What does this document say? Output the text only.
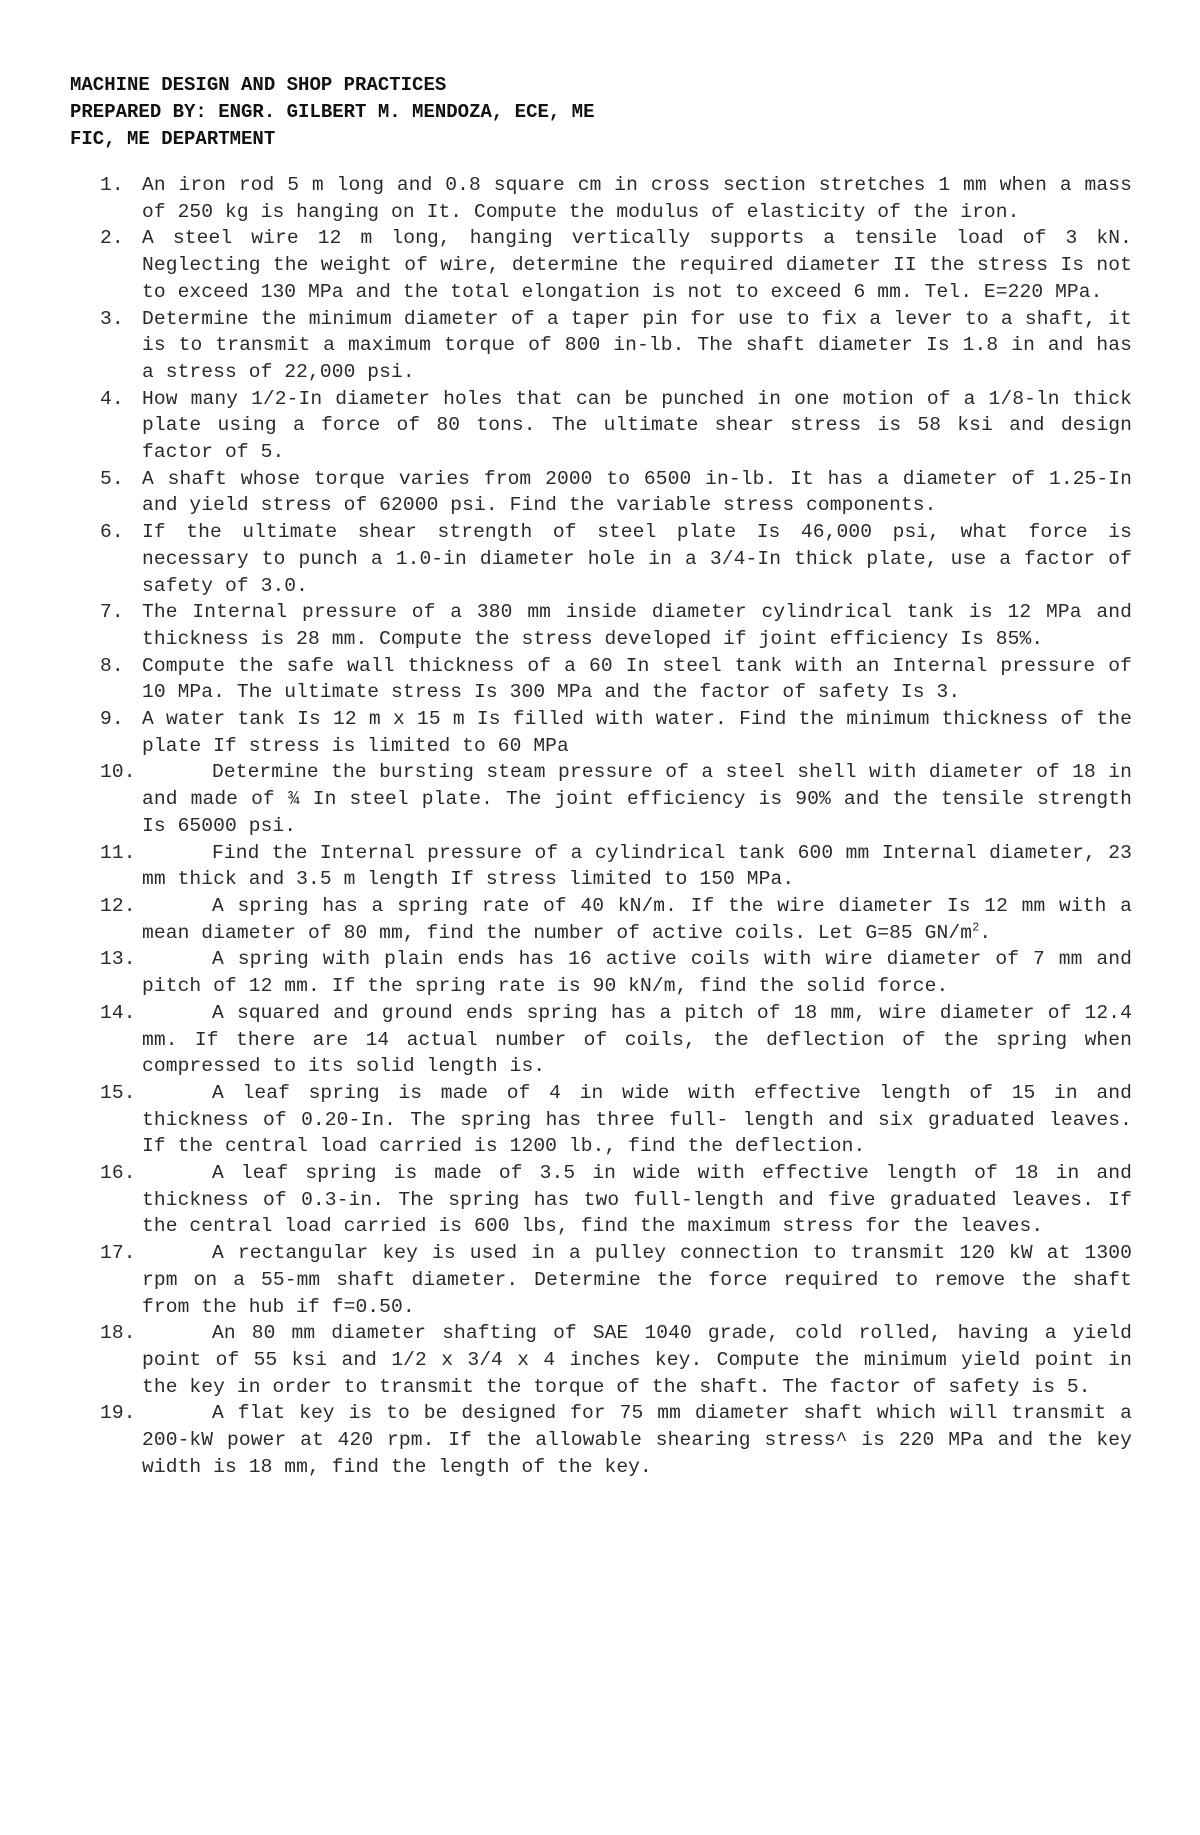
MACHINE DESIGN AND SHOP PRACTICES
PREPARED BY: ENGR. GILBERT M. MENDOZA, ECE, ME
FIC, ME DEPARTMENT
1. An iron rod 5 m long and 0.8 square cm in cross section stretches 1 mm when a mass of 250 kg is hanging on It. Compute the modulus of elasticity of the iron.
2. A steel wire 12 m long, hanging vertically supports a tensile load of 3 kN. Neglecting the weight of wire, determine the required diameter II the stress Is not to exceed 130 MPa and the total elongation is not to exceed 6 mm. Tel. E=220 MPa.
3. Determine the minimum diameter of a taper pin for use to fix a lever to a shaft, it is to transmit a maximum torque of 800 in-lb. The shaft diameter Is 1.8 in and has a stress of 22,000 psi.
4. How many 1/2-In diameter holes that can be punched in one motion of a 1/8-ln thick plate using a force of 80 tons. The ultimate shear stress is 58 ksi and design factor of 5.
5. A shaft whose torque varies from 2000 to 6500 in-lb. It has a diameter of 1.25-In and yield stress of 62000 psi. Find the variable stress components.
6. If the ultimate shear strength of steel plate Is 46,000 psi, what force is necessary to punch a 1.0-in diameter hole in a 3/4-In thick plate, use a factor of safety of 3.0.
7. The Internal pressure of a 380 mm inside diameter cylindrical tank is 12 MPa and thickness is 28 mm. Compute the stress developed if joint efficiency Is 85%.
8. Compute the safe wall thickness of a 60 In steel tank with an Internal pressure of 10 MPa. The ultimate stress Is 300 MPa and the factor of safety Is 3.
9. A water tank Is 12 m x 15 m Is filled with water. Find the minimum thickness of the plate If stress is limited to 60 MPa
10.	Determine the bursting steam pressure of a steel shell with diameter of 18 in and made of ¾ In steel plate. The joint efficiency is 90% and the tensile strength Is 65000 psi.
11.	Find the Internal pressure of a cylindrical tank 600 mm Internal diameter, 23 mm thick and 3.5 m length If stress limited to 150 MPa.
12.	A spring has a spring rate of 40 kN/m. If the wire diameter Is 12 mm with a mean diameter of 80 mm, find the number of active coils. Let G=85 $GN/m^2$.
13.	A spring with plain ends has 16 active coils with wire diameter of 7 mm and pitch of 12 mm. If the spring rate is 90 kN/m, find the solid force.
14.	A squared and ground ends spring has a pitch of 18 mm, wire diameter of 12.4 mm. If there are 14 actual number of coils, the deflection of the spring when compressed to its solid length is.
15.	A leaf spring is made of 4 in wide with effective length of 15 in and thickness of 0.20-In. The spring has three full- length and six graduated leaves. If the central load carried is 1200 lb., find the deflection.
16.	A leaf spring is made of 3.5 in wide with effective length of 18 in and thickness of 0.3-in. The spring has two full-length and five graduated leaves. If the central load carried is 600 lbs, find the maximum stress for the leaves.
17.	A rectangular key is used in a pulley connection to transmit 120 kW at 1300 rpm on a 55-mm shaft diameter. Determine the force required to remove the shaft from the hub if f=0.50.
18.	An 80 mm diameter shafting of SAE 1040 grade, cold rolled, having a yield point of 55 ksi and 1/2 x 3/4 x 4 inches key. Compute the minimum yield point in the key in order to transmit the torque of the shaft. The factor of safety is 5.
19.	A flat key is to be designed for 75 mm diameter shaft which will transmit a 200-kW power at 420 rpm. If the allowable shearing stress^ is 220 MPa and the key width is 18 mm, find the length of the key.
